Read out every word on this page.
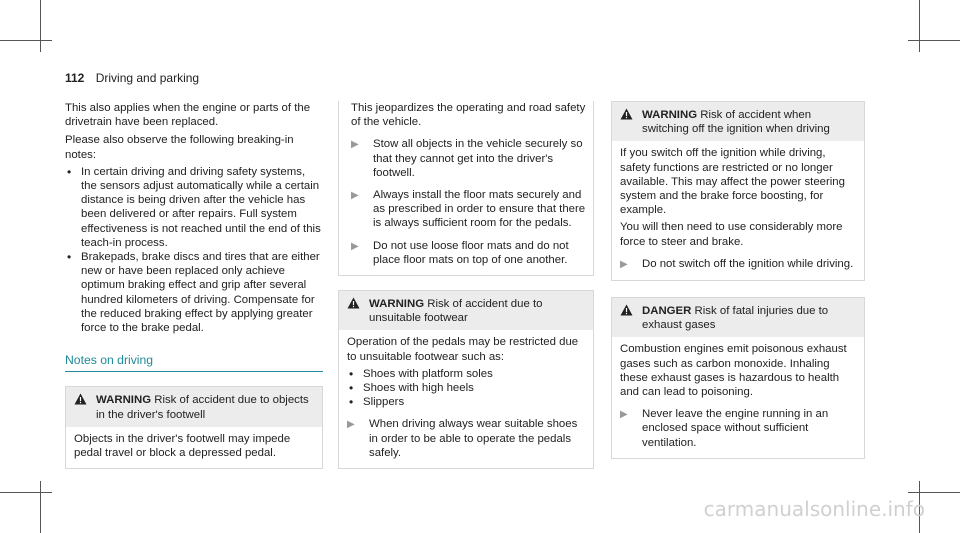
112 Driving and parking

This also applies when the engine or parts of the drivetrain have been replaced.

Please also observe the following breaking-in notes:

• In certain driving and driving safety systems, the sensors adjust automatically while a certain distance is being driven after the vehicle has been delivered or after repairs. Full system effectiveness is not reached until the end of this teach-in process.
• Brakepads, brake discs and tires that are either new or have been replaced only achieve optimum braking effect and grip after several hundred kilometers of driving. Compensate for the reduced braking effect by applying greater force to the brake pedal.
Notes on driving
WARNING Risk of accident due to objects in the driver's footwell
Objects in the driver's footwell may impede pedal travel or block a depressed pedal.

This jeopardizes the operating and road safety of the vehicle.

▶	Stow all objects in the vehicle securely so that they cannot get into the driver's footwell.
▶	Always install the floor mats securely and as prescribed in order to ensure that there is always sufficient room for the pedals.
▶	Do not use loose floor mats and do not place floor mats on top of one another.
WARNING Risk of accident due to unsuitable footwear

Operation of the pedals may be restricted due to unsuitable footwear such as:

• Shoes with platform soles
• Shoes with high heels
• Slippers
▶	When driving always wear suitable shoes in order to be able to operate the pedals safely.
WARNING Risk of accident when switching off the ignition when driving

If you switch off the ignition while driving, safety functions are restricted or no longer available. This may affect the power steering system and the brake force boosting, for example.

You will then need to use considerably more force to steer and brake.

▶	Do not switch off the ignition while driving.
DANGER Risk of fatal injuries due to exhaust gases

Combustion engines emit poisonous exhaust gases such as carbon monoxide. Inhaling these exhaust gases is hazardous to health and can lead to poisoning.

▶	Never leave the engine running in an enclosed space without sufficient ventilation.
carmanualsonline.info
